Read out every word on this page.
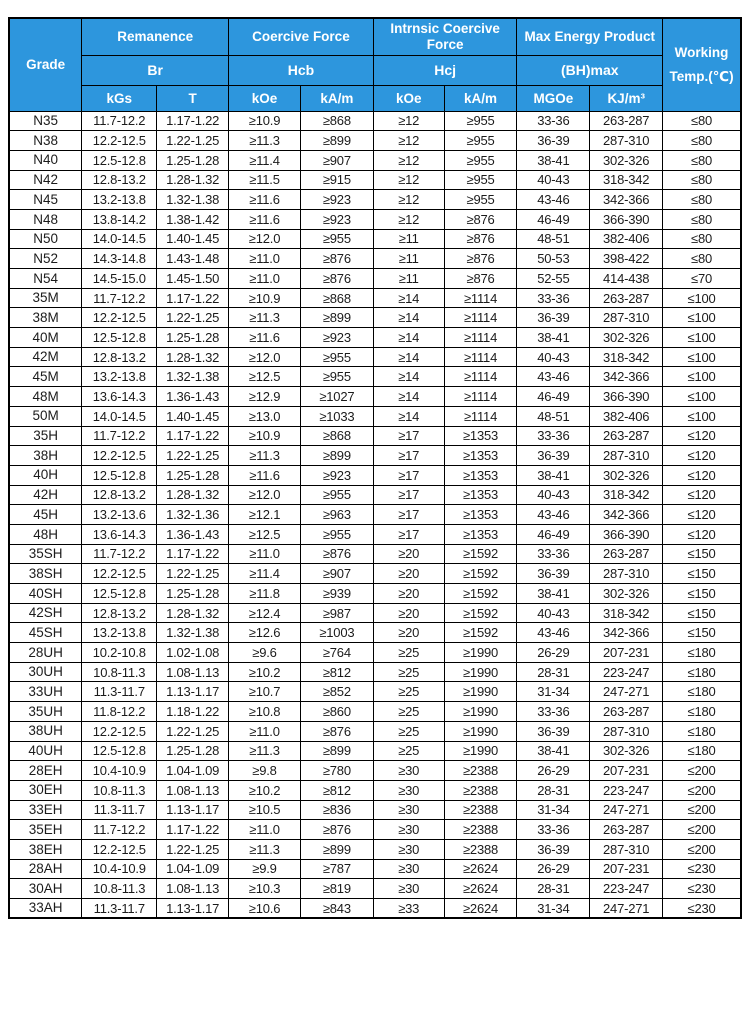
Grade	Remanence		Coercive Force		Intrnsic Coercive Force		Max Energy Product		Working
Temp.(℃)

	Br		Hcb		Hcj		(BH)max		
	kGs	T	kOe	kA/m	kOe	kA/m	MGOe	KJ/m³	
N35	11.7-12.2	1.17-1.22	≥10.9	≥868	≥12	≥955	33-36	263-287	≤80
N38	12.2-12.5	1.22-1.25	≥11.3	≥899	≥12	≥955	36-39	287-310	≤80
N40	12.5-12.8	1.25-1.28	≥11.4	≥907	≥12	≥955	38-41	302-326	≤80
N42	12.8-13.2	1.28-1.32	≥11.5	≥915	≥12	≥955	40-43	318-342	≤80
N45	13.2-13.8	1.32-1.38	≥11.6	≥923	≥12	≥955	43-46	342-366	≤80
N48	13.8-14.2	1.38-1.42	≥11.6	≥923	≥12	≥876	46-49	366-390	≤80
N50	14.0-14.5	1.40-1.45	≥12.0	≥955	≥11	≥876	48-51	382-406	≤80
N52	14.3-14.8	1.43-1.48	≥11.0	≥876	≥11	≥876	50-53	398-422	≤80
N54	14.5-15.0	1.45-1.50	≥11.0	≥876	≥11	≥876	52-55	414-438	≤70
35M	11.7-12.2	1.17-1.22	≥10.9	≥868	≥14	≥1114	33-36	263-287	≤100
38M	12.2-12.5	1.22-1.25	≥11.3	≥899	≥14	≥1114	36-39	287-310	≤100
40M	12.5-12.8	1.25-1.28	≥11.6	≥923	≥14	≥1114	38-41	302-326	≤100
42M	12.8-13.2	1.28-1.32	≥12.0	≥955	≥14	≥1114	40-43	318-342	≤100
45M	13.2-13.8	1.32-1.38	≥12.5	≥955	≥14	≥1114	43-46	342-366	≤100
48M	13.6-14.3	1.36-1.43	≥12.9	≥1027	≥14	≥1114	46-49	366-390	≤100
50M	14.0-14.5	1.40-1.45	≥13.0	≥1033	≥14	≥1114	48-51	382-406	≤100
35H	11.7-12.2	1.17-1.22	≥10.9	≥868	≥17	≥1353	33-36	263-287	≤120
38H	12.2-12.5	1.22-1.25	≥11.3	≥899	≥17	≥1353	36-39	287-310	≤120
40H	12.5-12.8	1.25-1.28	≥11.6	≥923	≥17	≥1353	38-41	302-326	≤120
42H	12.8-13.2	1.28-1.32	≥12.0	≥955	≥17	≥1353	40-43	318-342	≤120
45H	13.2-13.6	1.32-1.36	≥12.1	≥963	≥17	≥1353	43-46	342-366	≤120
48H	13.6-14.3	1.36-1.43	≥12.5	≥955	≥17	≥1353	46-49	366-390	≤120
35SH	11.7-12.2	1.17-1.22	≥11.0	≥876	≥20	≥1592	33-36	263-287	≤150
38SH	12.2-12.5	1.22-1.25	≥11.4	≥907	≥20	≥1592	36-39	287-310	≤150
40SH	12.5-12.8	1.25-1.28	≥11.8	≥939	≥20	≥1592	38-41	302-326	≤150
42SH	12.8-13.2	1.28-1.32	≥12.4	≥987	≥20	≥1592	40-43	318-342	≤150
45SH	13.2-13.8	1.32-1.38	≥12.6	≥1003	≥20	≥1592	43-46	342-366	≤150
28UH	10.2-10.8	1.02-1.08	≥9.6	≥764	≥25	≥1990	26-29	207-231	≤180
30UH	10.8-11.3	1.08-1.13	≥10.2	≥812	≥25	≥1990	28-31	223-247	≤180
33UH	11.3-11.7	1.13-1.17	≥10.7	≥852	≥25	≥1990	31-34	247-271	≤180
35UH	11.8-12.2	1.18-1.22	≥10.8	≥860	≥25	≥1990	33-36	263-287	≤180
38UH	12.2-12.5	1.22-1.25	≥11.0	≥876	≥25	≥1990	36-39	287-310	≤180
40UH	12.5-12.8	1.25-1.28	≥11.3	≥899	≥25	≥1990	38-41	302-326	≤180
28EH	10.4-10.9	1.04-1.09	≥9.8	≥780	≥30	≥2388	26-29	207-231	≤200
30EH	10.8-11.3	1.08-1.13	≥10.2	≥812	≥30	≥2388	28-31	223-247	≤200
33EH	11.3-11.7	1.13-1.17	≥10.5	≥836	≥30	≥2388	31-34	247-271	≤200
35EH	11.7-12.2	1.17-1.22	≥11.0	≥876	≥30	≥2388	33-36	263-287	≤200
38EH	12.2-12.5	1.22-1.25	≥11.3	≥899	≥30	≥2388	36-39	287-310	≤200
28AH	10.4-10.9	1.04-1.09	≥9.9	≥787	≥30	≥2624	26-29	207-231	≤230
30AH	10.8-11.3	1.08-1.13	≥10.3	≥819	≥30	≥2624	28-31	223-247	≤230
33AH	11.3-11.7	1.13-1.17	≥10.6	≥843	≥33	≥2624	31-34	247-271	≤230
